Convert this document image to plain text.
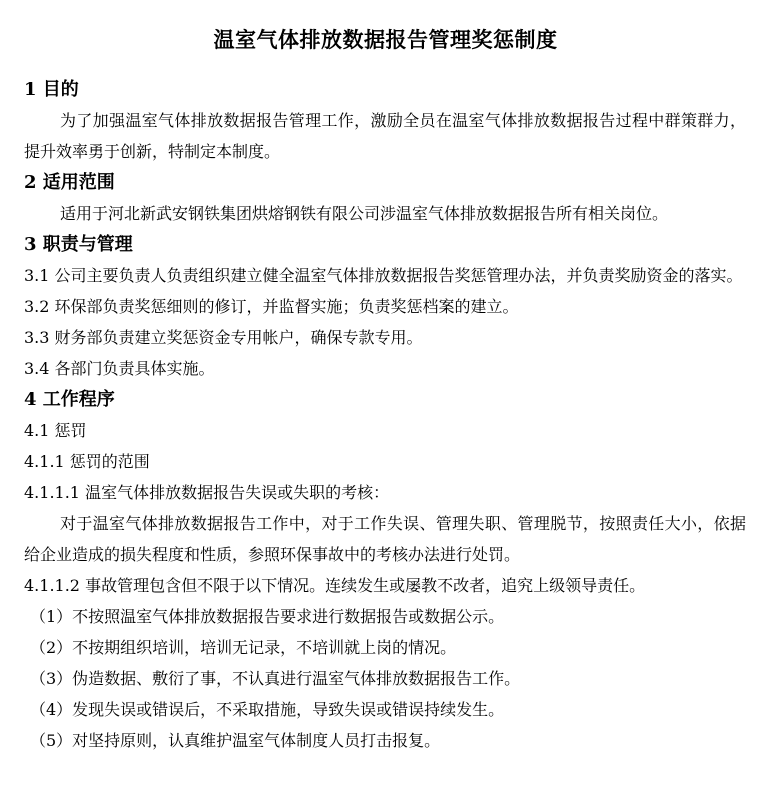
温室气体排放数据报告管理奖惩制度
1 目的

为了加强温室气体排放数据报告管理工作，激励全员在温室气体排放数据报告过程中群策群力，提升效率勇于创新，特制定本制度。

2 适用范围

适用于河北新武安钢铁集团烘熔钢铁有限公司涉温室气体排放数据报告所有相关岗位。

3 职责与管理

3.1 公司主要负责人负责组织建立健全温室气体排放数据报告奖惩管理办法，并负责奖励资金的落实。

3.2 环保部负责奖惩细则的修订，并监督实施；负责奖惩档案的建立。

3.3 财务部负责建立奖惩资金专用帐户，确保专款专用。

3.4 各部门负责具体实施。

4 工作程序

4.1 惩罚

4.1.1 惩罚的范围

4.1.1.1 温室气体排放数据报告失误或失职的考核：

对于温室气体排放数据报告工作中，对于工作失误、管理失职、管理脱节，按照责任大小，依据给企业造成的损失程度和性质，参照环保事故中的考核办法进行处罚。

4.1.1.2 事故管理包含但不限于以下情况。连续发生或屡教不改者，追究上级领导责任。

（1）不按照温室气体排放数据报告要求进行数据报告或数据公示。

（2）不按期组织培训，培训无记录，不培训就上岗的情况。

（3）伪造数据、敷衍了事，不认真进行温室气体排放数据报告工作。

（4）发现失误或错误后，不采取措施，导致失误或错误持续发生。

（5）对坚持原则，认真维护温室气体制度人员打击报复。
